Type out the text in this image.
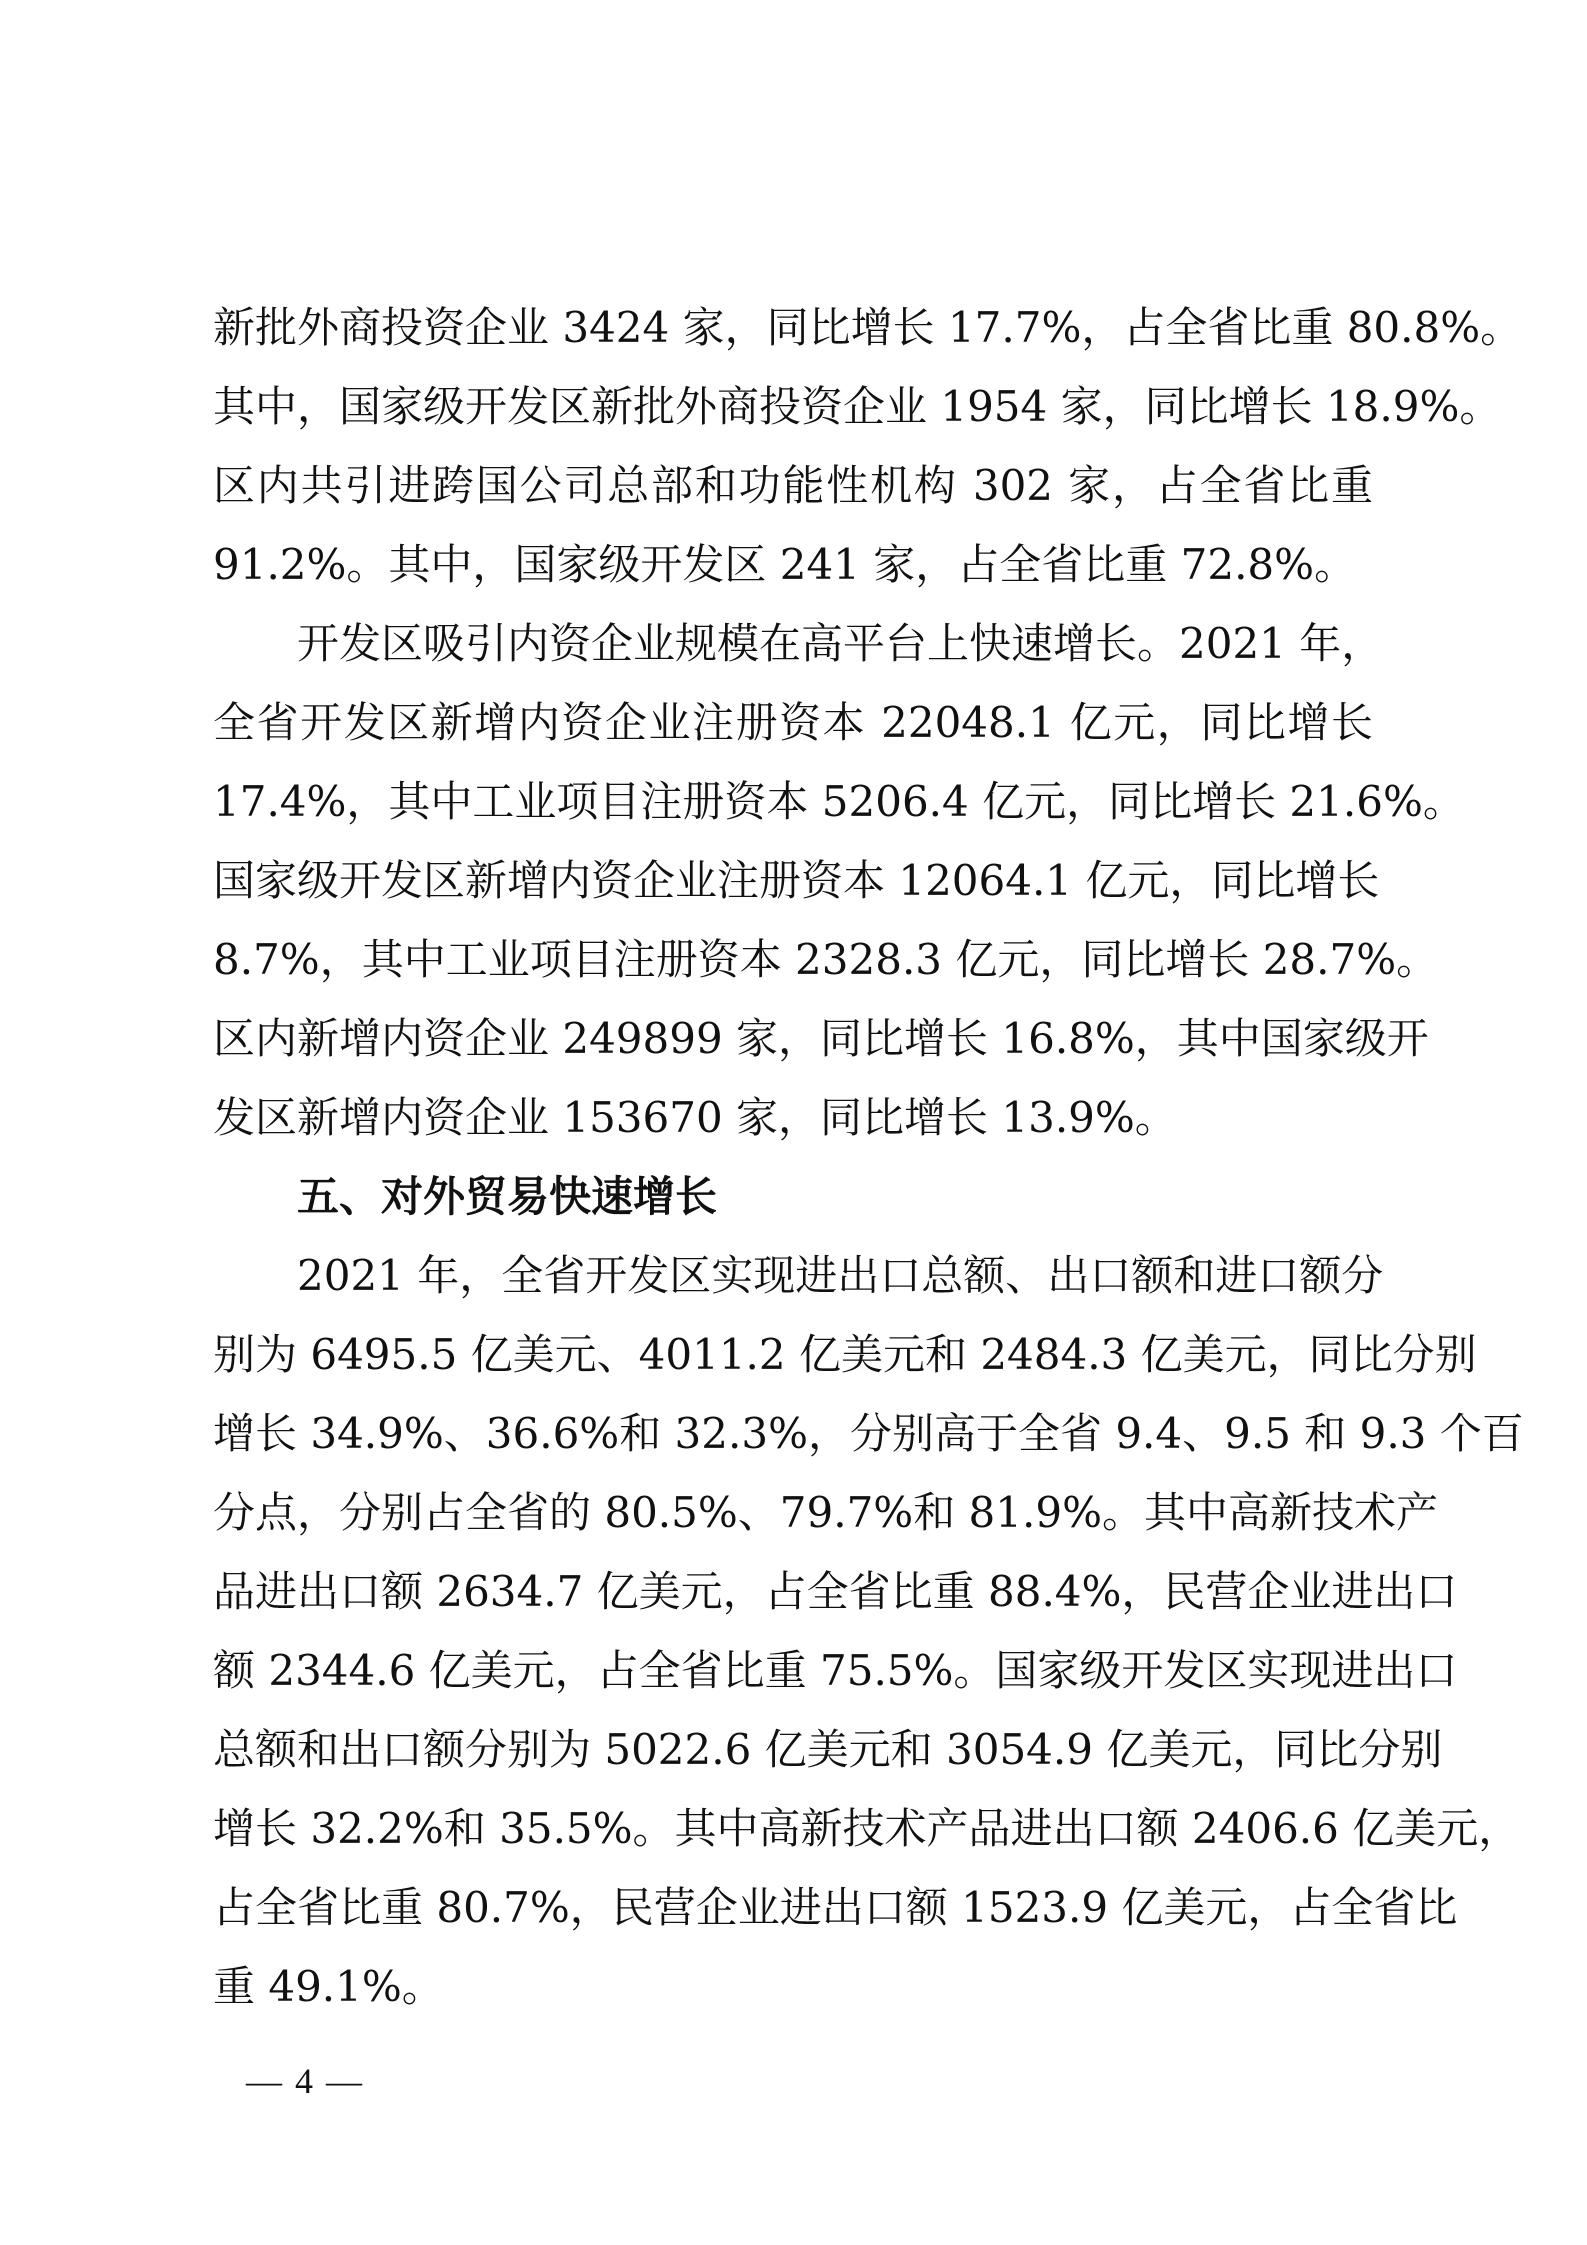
新批外商投资企业 3424 家，同比增长 17.7%，占全省比重 80.8%。
其中，国家级开发区新批外商投资企业 1954 家，同比增长 18.9%。
区内共引进跨国公司总部和功能性机构 302 家，占全省比重
91.2%。其中，国家级开发区 241 家，占全省比重 72.8%。
开发区吸引内资企业规模在高平台上快速增长。2021 年，
全省开发区新增内资企业注册资本 22048.1 亿元，同比增长
17.4%，其中工业项目注册资本 5206.4 亿元，同比增长 21.6%。
国家级开发区新增内资企业注册资本 12064.1 亿元，同比增长
8.7%，其中工业项目注册资本 2328.3 亿元，同比增长 28.7%。
区内新增内资企业 249899 家，同比增长 16.8%，其中国家级开
发区新增内资企业 153670 家，同比增长 13.9%。
五、对外贸易快速增长
2021 年，全省开发区实现进出口总额、出口额和进口额分
别为 6495.5 亿美元、4011.2 亿美元和 2484.3 亿美元，同比分别
增长 34.9%、36.6%和 32.3%，分别高于全省 9.4、9.5 和 9.3 个百
分点，分别占全省的 80.5%、79.7%和 81.9%。其中高新技术产
品进出口额 2634.7 亿美元，占全省比重 88.4%，民营企业进出口
额 2344.6 亿美元，占全省比重 75.5%。国家级开发区实现进出口
总额和出口额分别为 5022.6 亿美元和 3054.9 亿美元，同比分别
增长 32.2%和 35.5%。其中高新技术产品进出口额 2406.6 亿美元，
占全省比重 80.7%，民营企业进出口额 1523.9 亿美元，占全省比
重 49.1%。
— 4 —
